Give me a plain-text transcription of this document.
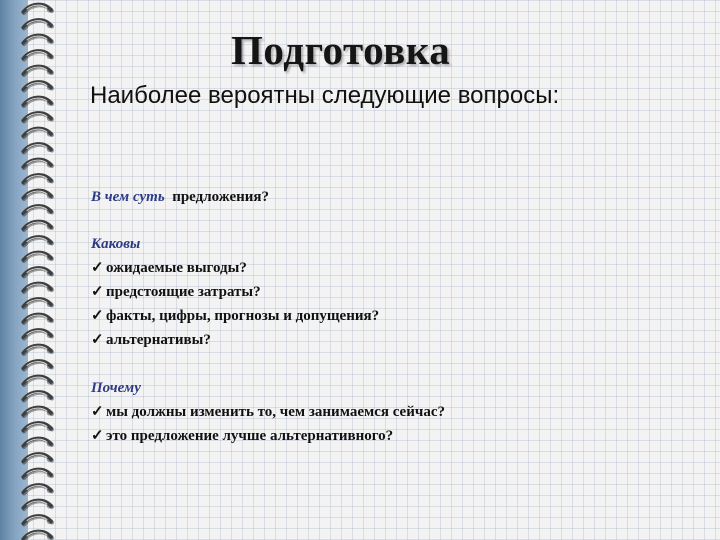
Подготовка

Наиболее вероятны следующие вопросы:

В чем суть предложения?
Каковы
✓ ожидаемые выгоды?
✓ предстоящие затраты?
✓ факты, цифры, прогнозы и допущения?
✓ альтернативы?
Почему
✓ мы должны изменить то, чем занимаемся сейчас?
✓ это предложение лучше альтернативного?
